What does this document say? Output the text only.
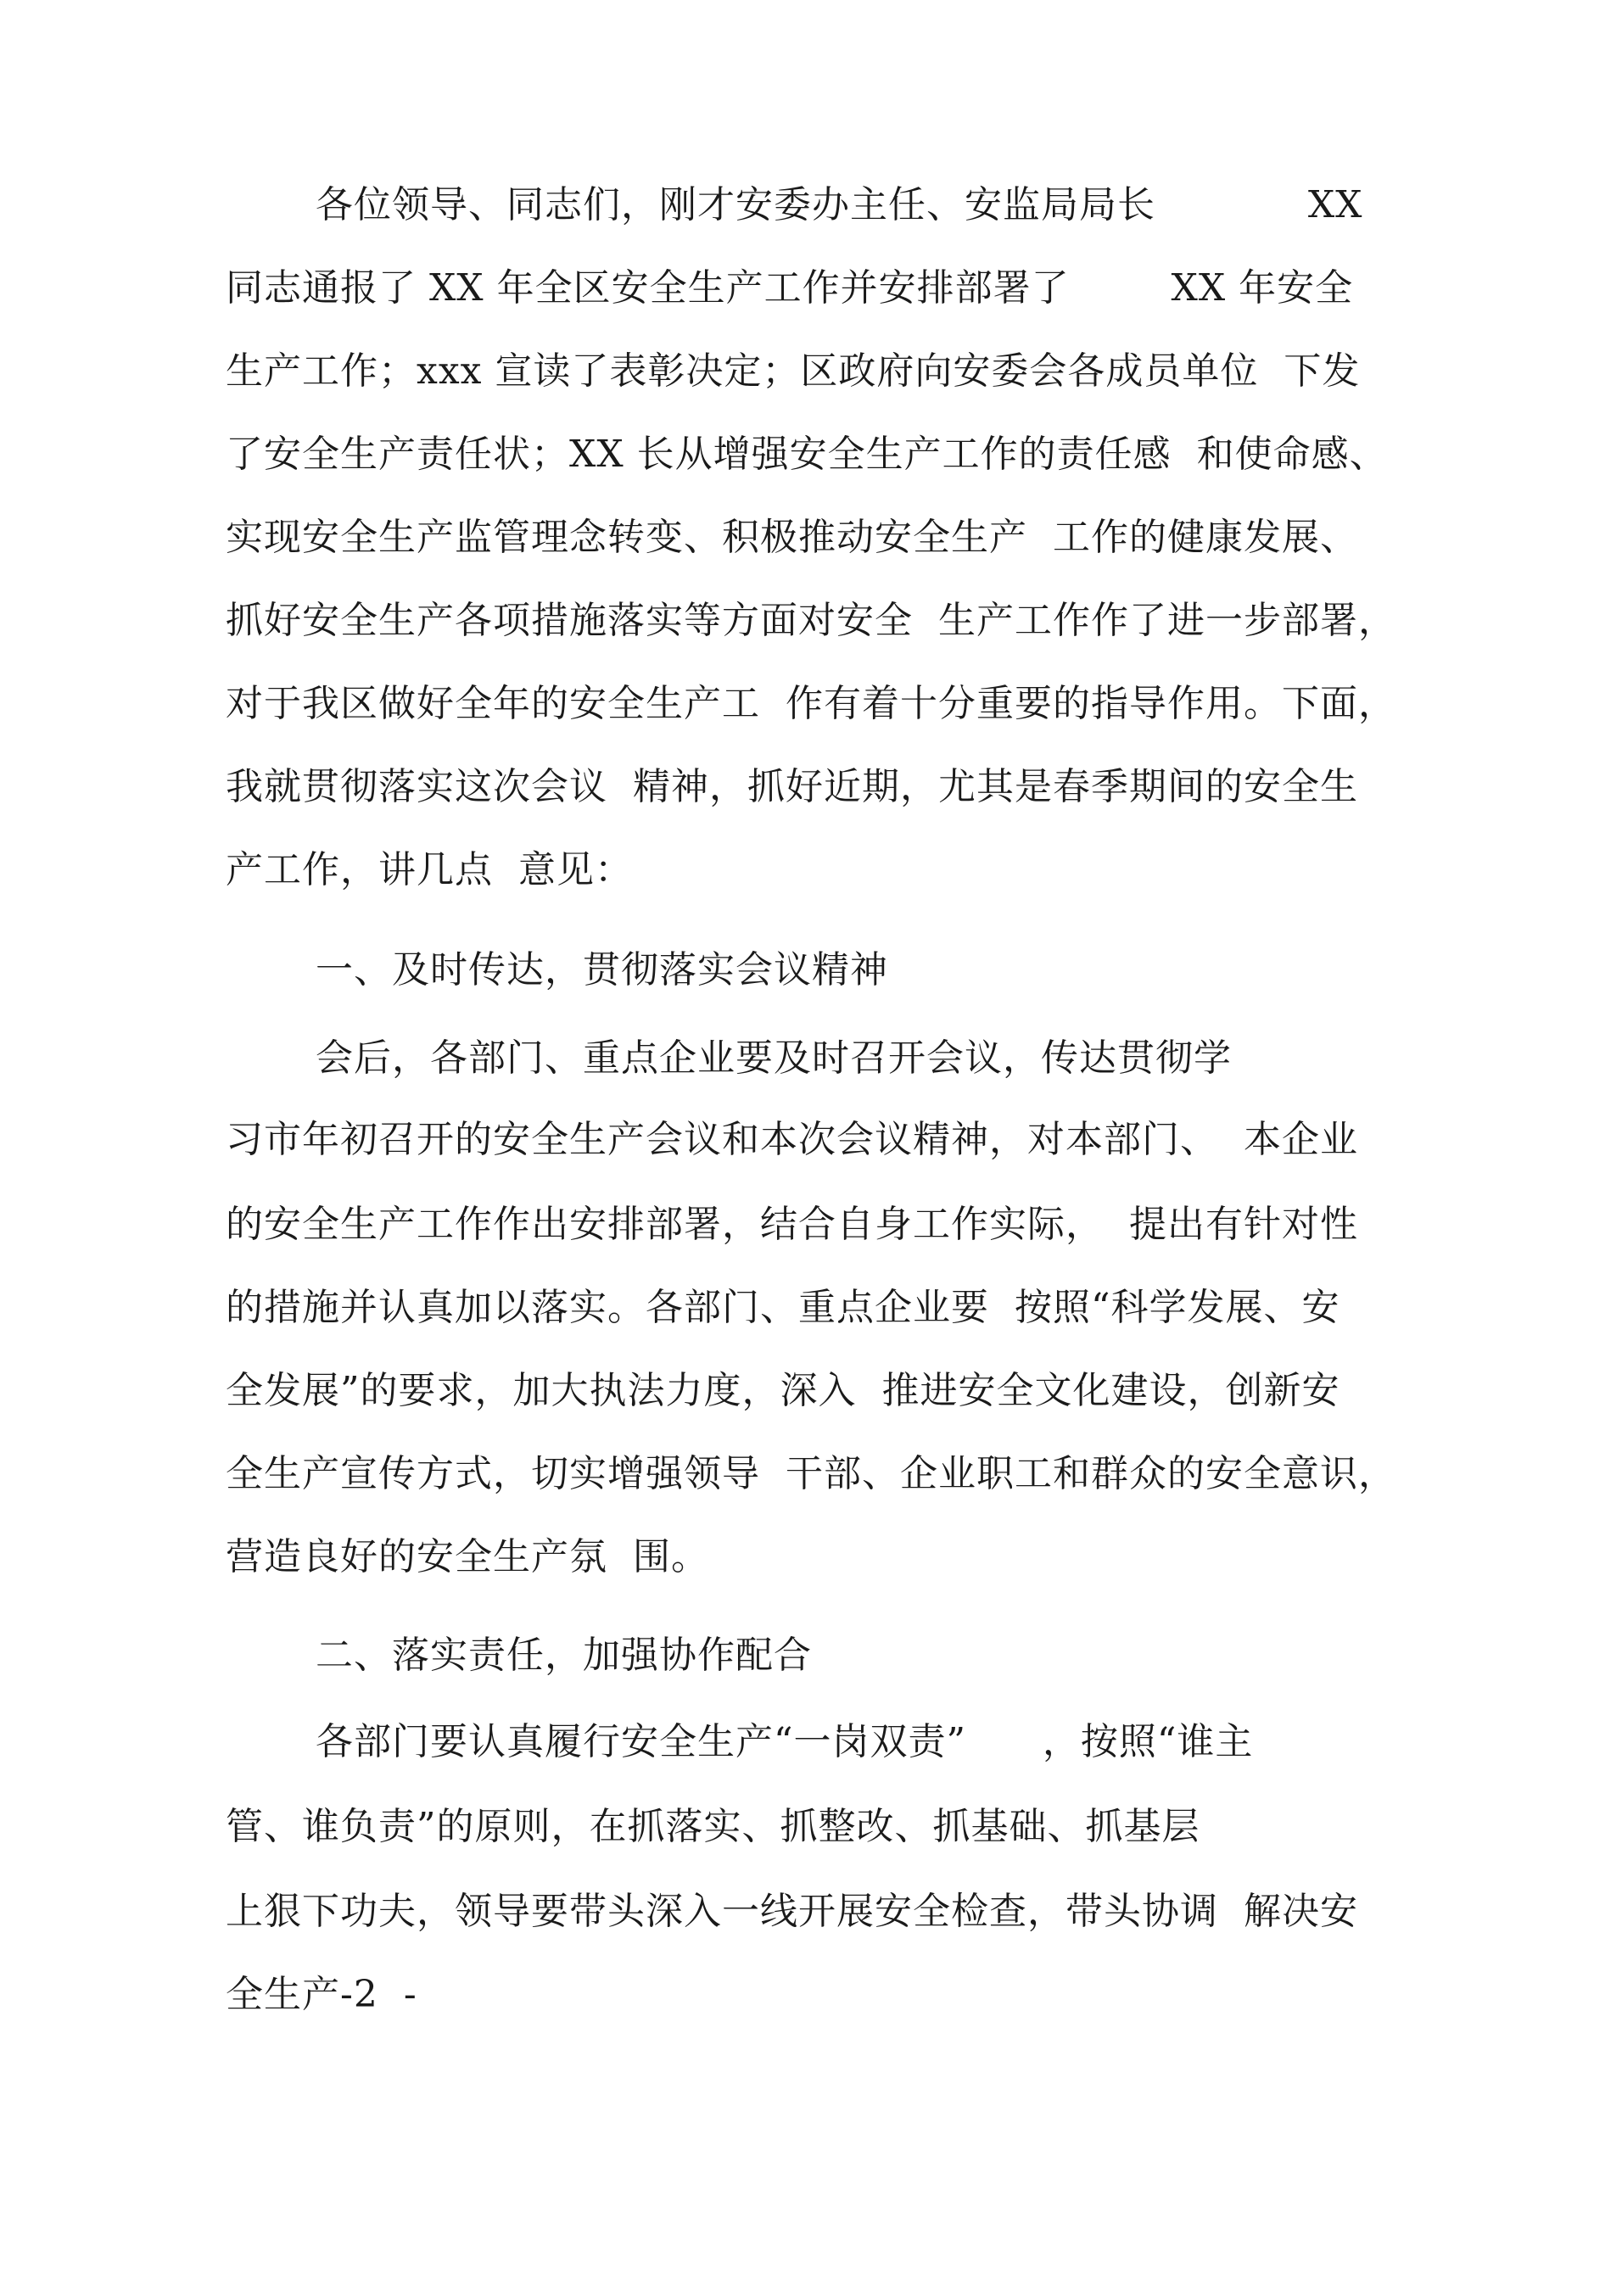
各位领导、同志们，刚才安委办主任、安监局局长            XX
同志通报了 XX 年全区安全生产工作并安排部署了        XX 年安全
生产工作；xxx 宣读了表彰决定；区政府向安委会各成员单位  下发
了安全生产责任状；XX 长从增强安全生产工作的责任感  和使命感、
实现安全生产监管理念转变、积极推动安全生产  工作的健康发展、
抓好安全生产各项措施落实等方面对安全  生产工作作了进一步部署，
对于我区做好全年的安全生产工  作有着十分重要的指导作用。下面，
我就贯彻落实这次会议  精神，抓好近期，尤其是春季期间的安全生
产工作，讲几点  意见：
一、及时传达，贯彻落实会议精神
会后，各部门、重点企业要及时召开会议，传达贯彻学
习市年初召开的安全生产会议和本次会议精神，对本部门、  本企业
的安全生产工作作出安排部署，结合自身工作实际，  提出有针对性
的措施并认真加以落实。各部门、重点企业要  按照“科学发展、安
全发展”的要求，加大执法力度，深入  推进安全文化建设，创新安
全生产宣传方式，切实增强领导  干部、企业职工和群众的安全意识，
营造良好的安全生产氛  围。
二、落实责任，加强协作配合
各部门要认真履行安全生产“一岗双责”      ，按照“谁主
管、谁负责”的原则，在抓落实、抓整改、抓基础、抓基层
上狠下功夫，领导要带头深入一线开展安全检查，带头协调  解决安
全生产-2  -
